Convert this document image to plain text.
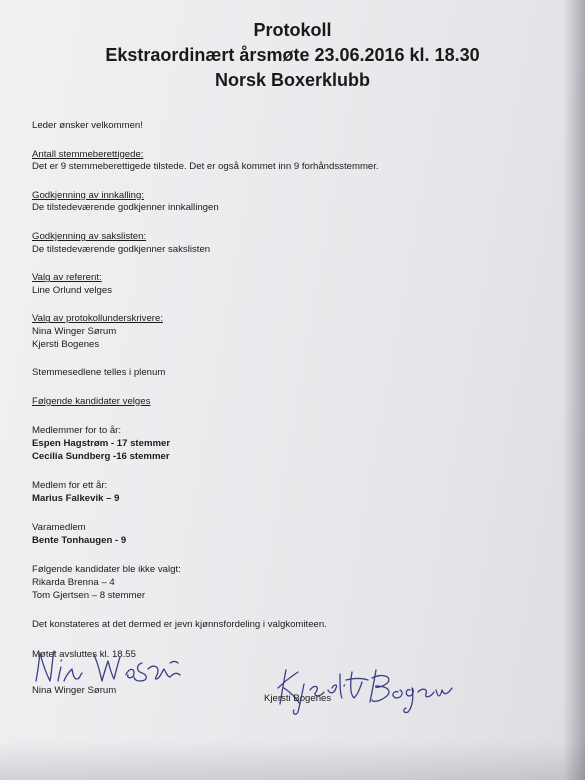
Protokoll
Ekstraordinært årsmøte 23.06.2016 kl. 18.30
Norsk Boxerklubb

Leder ønsker velkommen!

Antall stemmeberettigede:
Det er 9 stemmeberettigede tilstede. Det er også kommet inn 9 forhåndsstemmer.

Godkjenning av innkalling:
De tilstedeværende godkjenner innkallingen

Godkjenning av sakslisten:
De tilstedeværende godkjenner sakslisten

Valg av referent:
Line Orlund velges

Valg av protokollunderskrivere:
Nina Winger Sørum
Kjersti Bogenes

Stemmesedlene telles i plenum

Følgende kandidater velges

Medlemmer for to år:
Espen Hagstrøm - 17 stemmer
Cecilia Sundberg -16 stemmer

Medlem for ett år:
Marius Falkevik – 9

Varamedlem
Bente Tonhaugen - 9

Følgende kandidater ble ikke valgt:
Rikarda Brenna – 4
Tom Gjertsen – 8 stemmer

Det konstateres at det dermed er jevn kjønnsfordeling i valgkomiteen.

Møtet avsluttes kl. 18.55

Nina Winger Sørum
Kjersti Bogenes
